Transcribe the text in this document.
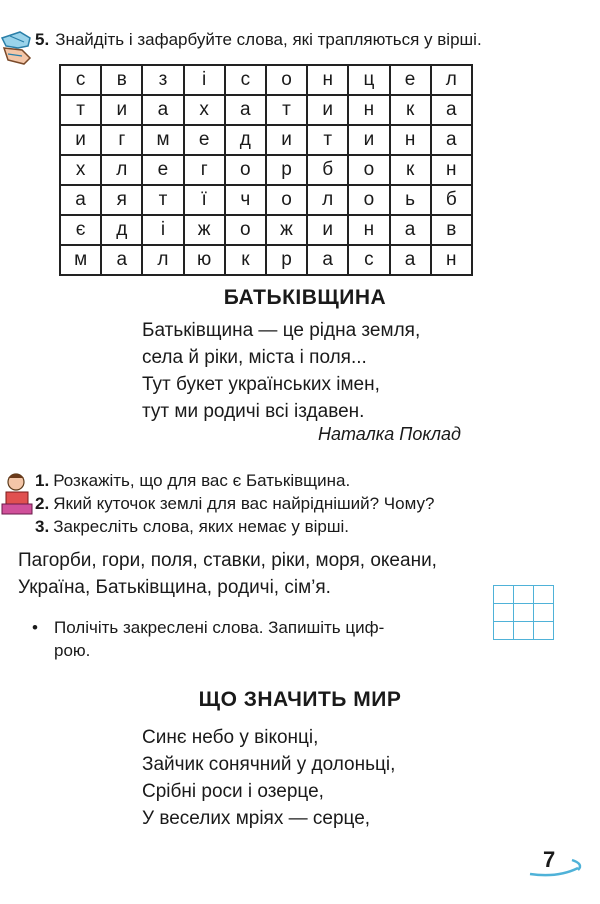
5. Знайдіть і зафарбуйте слова, які трапляються у вірші.
с	в	з	і	с	о	н	ц	е	л
т	и	а	х	а	т	и	н	к	а
и	г	м	е	д	и	т	и	н	а
х	л	е	г	о	р	б	о	к	н
а	я	т	ї	ч	о	л	о	ь	б
є	д	і	ж	о	ж	и	н	а	в
м	а	л	ю	к	р	а	с	а	н
БАТЬКІВЩИНА
Батьківщина — це рідна земля,
села й ріки, міста і поля...
Тут букет українських імен,
тут ми родичі всі іздавен.
Наталка Поклад
1. Розкажіть, що для вас є Батьківщина.
2. Який куточок землі для вас найрідніший? Чому?
3. Закресліть слова, яких немає у вірші.
Пагорби, гори, поля, ставки, ріки, моря, океани,
Україна, Батьківщина, родичі, сім’я.
• Полічіть закреслені слова. Запишіть циф-
рою.

ЩО ЗНАЧИТЬ МИР
Синє небо у віконці,
Зайчик сонячний у долоньці,
Срібні роси і озерце,
У веселих мріях — серце,
7
